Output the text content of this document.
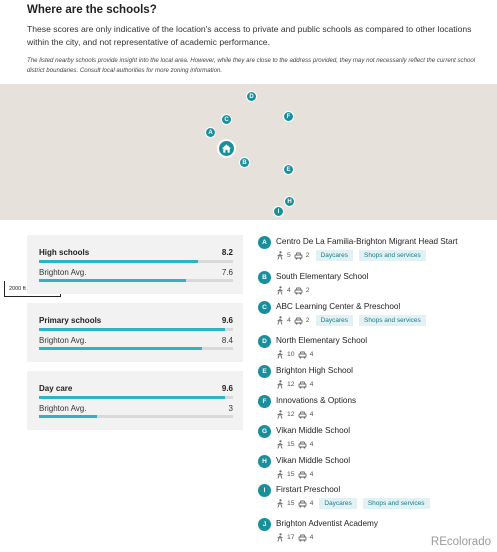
Where are the schools?
These scores are only indicative of the location's access to private and public schools as compared to other locations within the city, and not representative of academic performance.
The listed nearby schools provide insight into the local area. However, while they are close to the address provided, they may not necessarily reflect the current school district boundaries. Consult local authorities for more zoning information.
2000 ft
D
F
C
A
B
E
H
I
High schools	8.2
Brighton Avg.	7.6
Primary schools	9.6
Brighton Avg.	8.4
Day care	9.6
Brighton Avg.	3
A	Centro De La Familia-Brighton Migrant Head Start
5 2	Daycares	Shops and services
B	South Elementary School
4 2
C	ABC Learning Center & Preschool
4 2	Daycares	Shops and services
D	North Elementary School
10 4
E	Brighton High School
12 4
F	Innovations & Options
12 4
G	Vikan Middle School
15 4
H	Vikan Middle School
15 4
I	Firstart Preschool
15 4	Daycares	Shops and services
J	Brighton Adventist Academy
17 4	REcolorado
